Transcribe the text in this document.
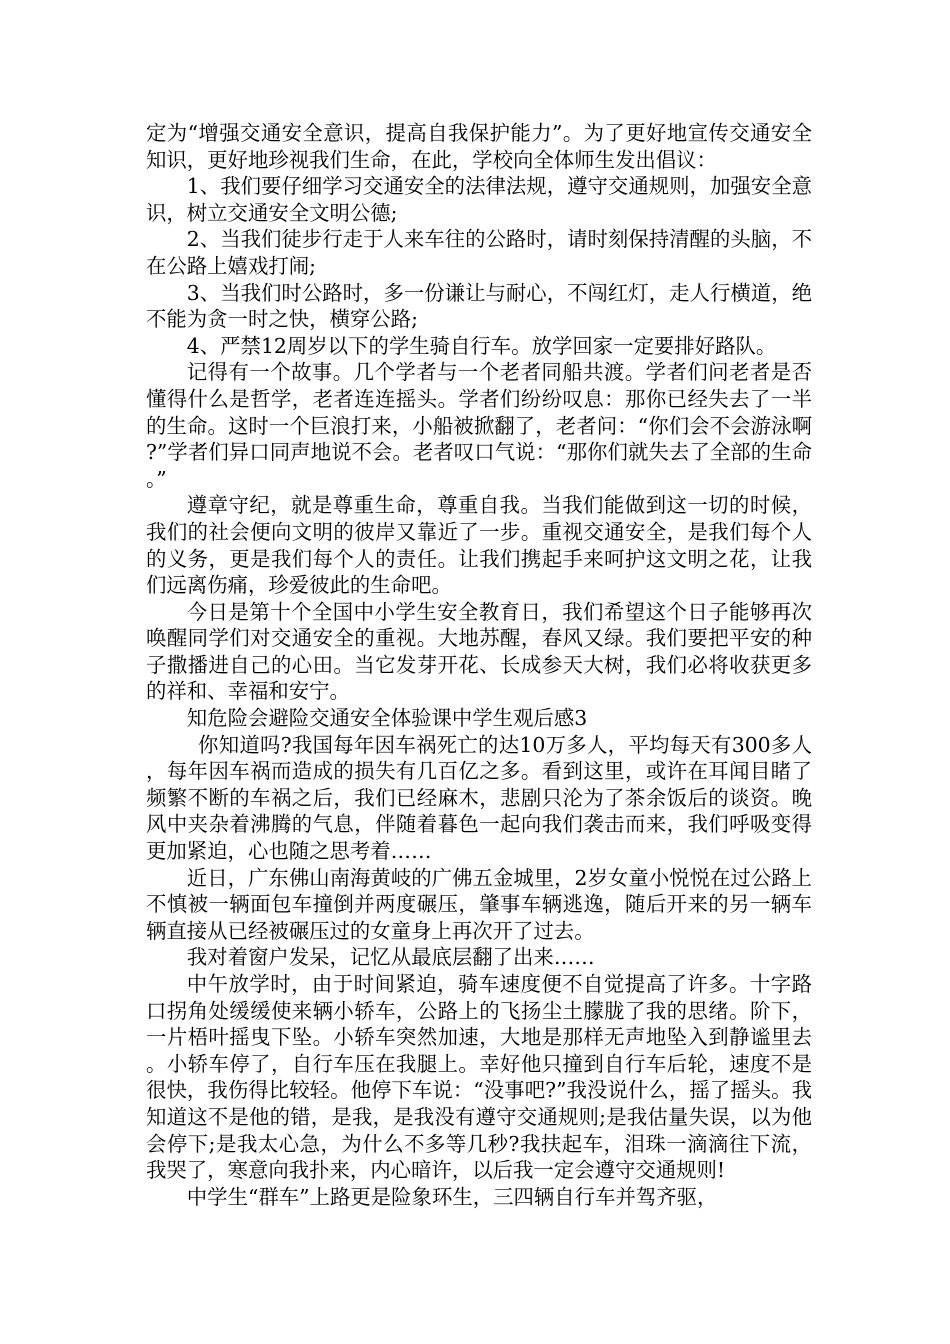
定为“增强交通安全意识，提高自我保护能力”。为了更好地宣传交通安全知识，更好地珍视我们生命，在此，学校向全体师生发出倡议：

1、我们要仔细学习交通安全的法律法规，遵守交通规则，加强安全意识，树立交通安全文明公德;

2、当我们徒步行走于人来车往的公路时，请时刻保持清醒的头脑，不在公路上嬉戏打闹;

3、当我们时公路时，多一份谦让与耐心，不闯红灯，走人行横道，绝不能为贪一时之快，横穿公路;

4、严禁12周岁以下的学生骑自行车。放学回家一定要排好路队。

记得有一个故事。几个学者与一个老者同船共渡。学者们问老者是否懂得什么是哲学，老者连连摇头。学者们纷纷叹息：那你已经失去了一半的生命。这时一个巨浪打来，小船被掀翻了，老者问：“你们会不会游泳啊?”学者们异口同声地说不会。老者叹口气说：“那你们就失去了全部的生命。”

遵章守纪，就是尊重生命，尊重自我。当我们能做到这一切的时候，我们的社会便向文明的彼岸又靠近了一步。重视交通安全，是我们每个人的义务，更是我们每个人的责任。让我们携起手来呵护这文明之花，让我们远离伤痛，珍爱彼此的生命吧。

今日是第十个全国中小学生安全教育日，我们希望这个日子能够再次唤醒同学们对交通安全的重视。大地苏醒，春风又绿。我们要把平安的种子撒播进自己的心田。当它发芽开花、长成参天大树，我们必将收获更多的祥和、幸福和安宁。

知危险会避险交通安全体验课中学生观后感3

你知道吗?我国每年因车祸死亡的达10万多人，平均每天有300多人，每年因车祸而造成的损失有几百亿之多。看到这里，或许在耳闻目睹了频繁不断的车祸之后，我们已经麻木，悲剧只沦为了茶余饭后的谈资。晚风中夹杂着沸腾的气息，伴随着暮色一起向我们袭击而来，我们呼吸变得更加紧迫，心也随之思考着……

近日，广东佛山南海黄岐的广佛五金城里，2岁女童小悦悦在过公路上不慎被一辆面包车撞倒并两度碾压，肇事车辆逃逸，随后开来的另一辆车辆直接从已经被碾压过的女童身上再次开了过去。

我对着窗户发呆，记忆从最底层翻了出来……

中午放学时，由于时间紧迫，骑车速度便不自觉提高了许多。十字路口拐角处缓缓使来辆小轿车，公路上的飞扬尘土朦胧了我的思绪。阶下，一片梧叶摇曳下坠。小轿车突然加速，大地是那样无声地坠入到静谧里去。小轿车停了，自行车压在我腿上。幸好他只撞到自行车后轮，速度不是很快，我伤得比较轻。他停下车说：“没事吧?”我没说什么，摇了摇头。我知道这不是他的错，是我，是我没有遵守交通规则;是我估量失误，以为他会停下;是我太心急，为什么不多等几秒?我扶起车，泪珠一滴滴往下流，我哭了，寒意向我扑来，内心暗许，以后我一定会遵守交通规则!

中学生“群车”上路更是险象环生，三四辆自行车并驾齐驱，
